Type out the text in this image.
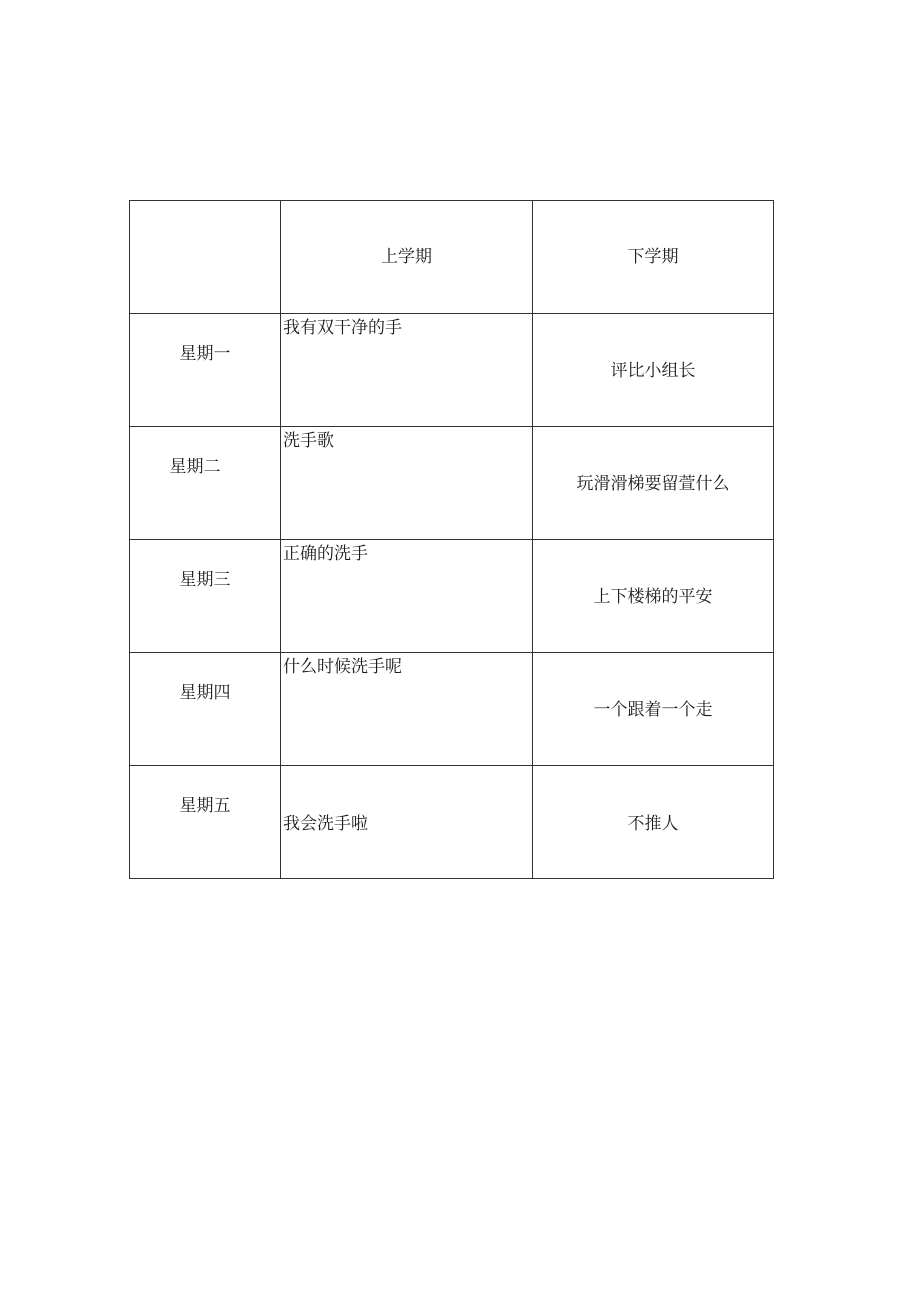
	上学期	下学期

星期一	我有双干净的手	评比小组长

星期二	洗手歌	玩滑滑梯要留萱什么

星期三	正确的洗手	上下楼梯的平安

星期四	什么时候洗手呢	一个跟着一个走

星期五	我会洗手啦	不推人
